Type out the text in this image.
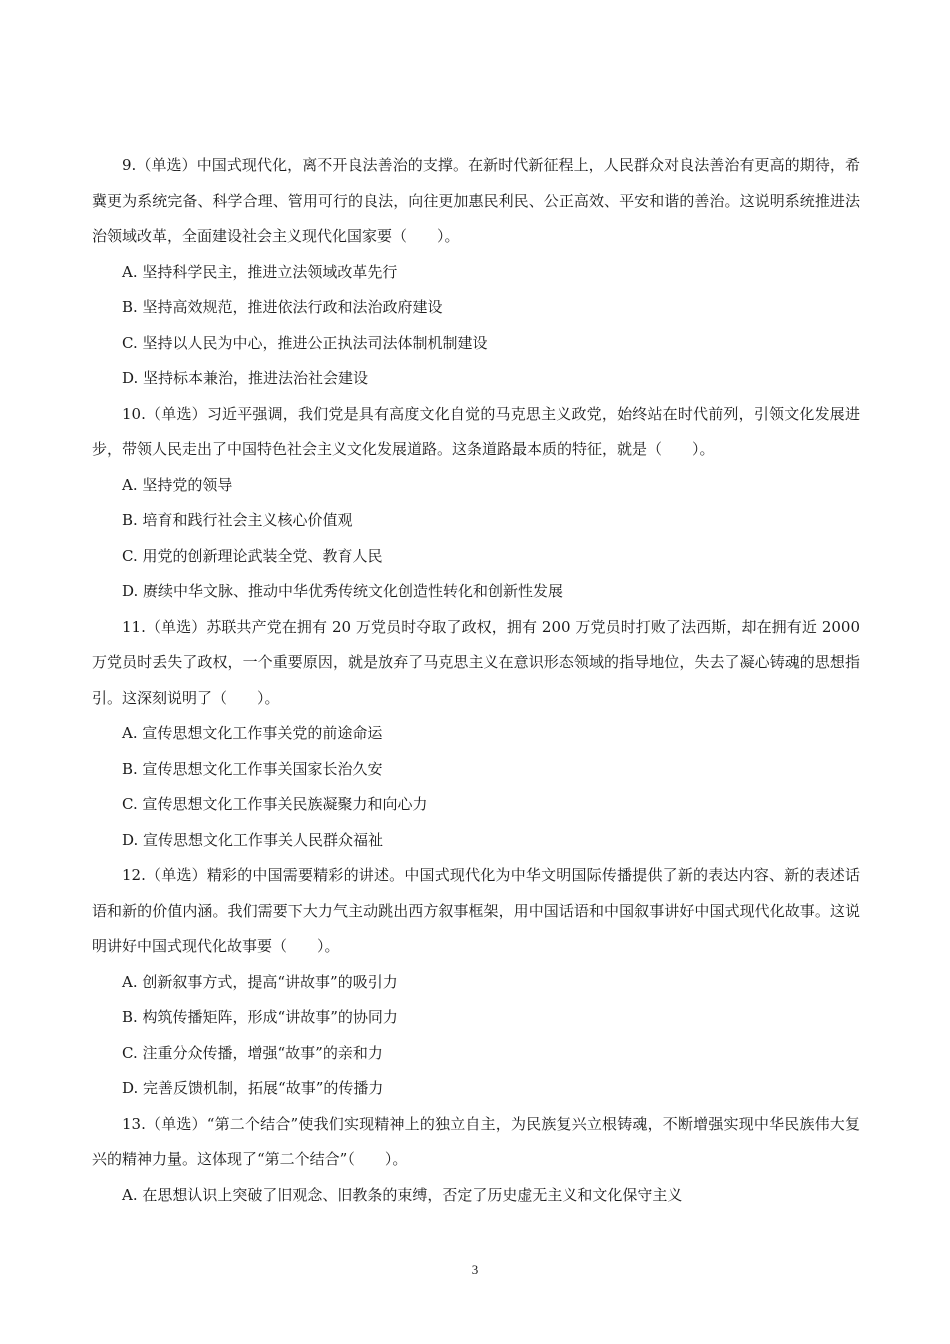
9.（单选）中国式现代化，离不开良法善治的支撑。在新时代新征程上，人民群众对良法善治有更高的期待，希冀更为系统完备、科学合理、管用可行的良法，向往更加惠民利民、公正高效、平安和谐的善治。这说明系统推进法治领域改革，全面建设社会主义现代化国家要（　　）。

A. 坚持科学民主，推进立法领域改革先行

B. 坚持高效规范，推进依法行政和法治政府建设

C. 坚持以人民为中心，推进公正执法司法体制机制建设

D. 坚持标本兼治，推进法治社会建设

10.（单选）习近平强调，我们党是具有高度文化自觉的马克思主义政党，始终站在时代前列，引领文化发展进步，带领人民走出了中国特色社会主义文化发展道路。这条道路最本质的特征，就是（　　）。

A. 坚持党的领导

B. 培育和践行社会主义核心价值观

C. 用党的创新理论武装全党、教育人民

D. 赓续中华文脉、推动中华优秀传统文化创造性转化和创新性发展

11.（单选）苏联共产党在拥有 20 万党员时夺取了政权，拥有 200 万党员时打败了法西斯，却在拥有近 2000 万党员时丢失了政权，一个重要原因，就是放弃了马克思主义在意识形态领域的指导地位，失去了凝心铸魂的思想指引。这深刻说明了（　　）。

A. 宣传思想文化工作事关党的前途命运

B. 宣传思想文化工作事关国家长治久安

C. 宣传思想文化工作事关民族凝聚力和向心力

D. 宣传思想文化工作事关人民群众福祉

12.（单选）精彩的中国需要精彩的讲述。中国式现代化为中华文明国际传播提供了新的表达内容、新的表述话语和新的价值内涵。我们需要下大力气主动跳出西方叙事框架，用中国话语和中国叙事讲好中国式现代化故事。这说明讲好中国式现代化故事要（　　）。

A. 创新叙事方式，提高“讲故事”的吸引力

B. 构筑传播矩阵，形成“讲故事”的协同力

C. 注重分众传播，增强“故事”的亲和力

D. 完善反馈机制，拓展“故事”的传播力

13.（单选）“第二个结合”使我们实现精神上的独立自主，为民族复兴立根铸魂，不断增强实现中华民族伟大复兴的精神力量。这体现了“第二个结合”（　　）。

A. 在思想认识上突破了旧观念、旧教条的束缚，否定了历史虚无主义和文化保守主义

3
